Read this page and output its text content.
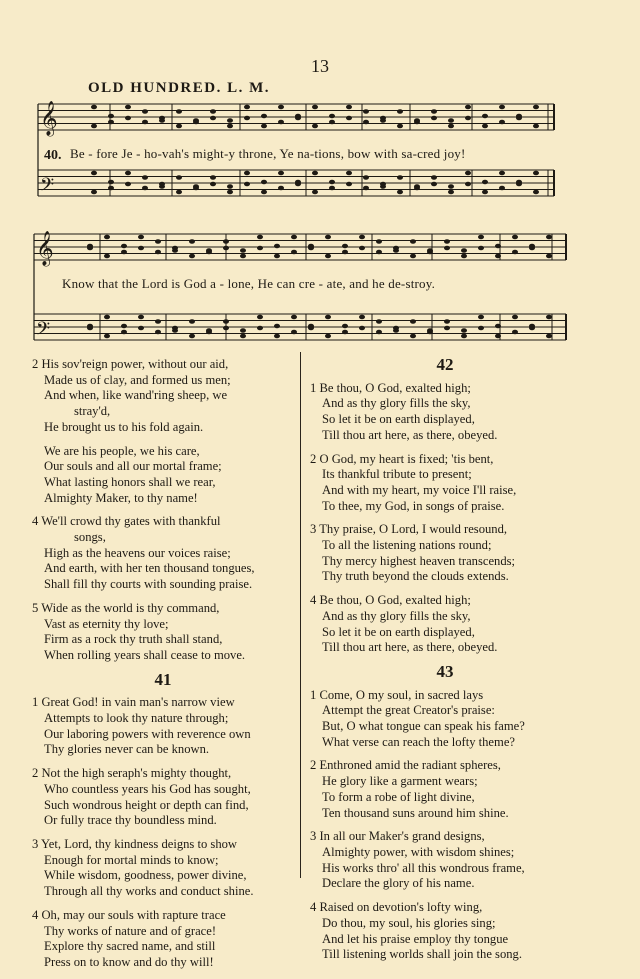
13
OLD HUNDRED. L. M.
𝄞
𝄢
𝄞
𝄢
40. Be - fore Je - ho-vah's might-y throne, Ye na-tions, bow with sa-cred joy!
Know that the Lord is God a - lone, He can cre - ate, and he de-stroy.
2 His sov'reign power, without our aid,
Made us of clay, and formed us men;
And when, like wand'ring sheep, we
stray'd,
He brought us to his fold again.
We are his people, we his care,
Our souls and all our mortal frame;
What lasting honors shall we rear,
Almighty Maker, to thy name!
4 We'll crowd thy gates with thankful
songs,
High as the heavens our voices raise;
And earth, with her ten thousand tongues,
Shall fill thy courts with sounding praise.
5 Wide as the world is thy command,
Vast as eternity thy love;
Firm as a rock thy truth shall stand,
When rolling years shall cease to move.
41
1 Great God! in vain man's narrow view
Attempts to look thy nature through;
Our laboring powers with reverence own
Thy glories never can be known.
2 Not the high seraph's mighty thought,
Who countless years his God has sought,
Such wondrous height or depth can find,
Or fully trace thy boundless mind.
3 Yet, Lord, thy kindness deigns to show
Enough for mortal minds to know;
While wisdom, goodness, power divine,
Through all thy works and conduct shine.
4 Oh, may our souls with rapture trace
Thy works of nature and of grace!
Explore thy sacred name, and still
Press on to know and do thy will!
42
1 Be thou, O God, exalted high;
And as thy glory fills the sky,
So let it be on earth displayed,
Till thou art here, as there, obeyed.
2 O God, my heart is fixed; 'tis bent,
Its thankful tribute to present;
And with my heart, my voice I'll raise,
To thee, my God, in songs of praise.
3 Thy praise, O Lord, I would resound,
To all the listening nations round;
Thy mercy highest heaven transcends;
Thy truth beyond the clouds extends.
4 Be thou, O God, exalted high;
And as thy glory fills the sky,
So let it be on earth displayed,
Till thou art here, as there, obeyed.
43
1 Come, O my soul, in sacred lays
Attempt the great Creator's praise:
But, O what tongue can speak his fame?
What verse can reach the lofty theme?
2 Enthroned amid the radiant spheres,
He glory like a garment wears;
To form a robe of light divine,
Ten thousand suns around him shine.
3 In all our Maker's grand designs,
Almighty power, with wisdom shines;
His works thro' all this wondrous frame,
Declare the glory of his name.
4 Raised on devotion's lofty wing,
Do thou, my soul, his glories sing;
And let his praise employ thy tongue
Till listening worlds shall join the song.
